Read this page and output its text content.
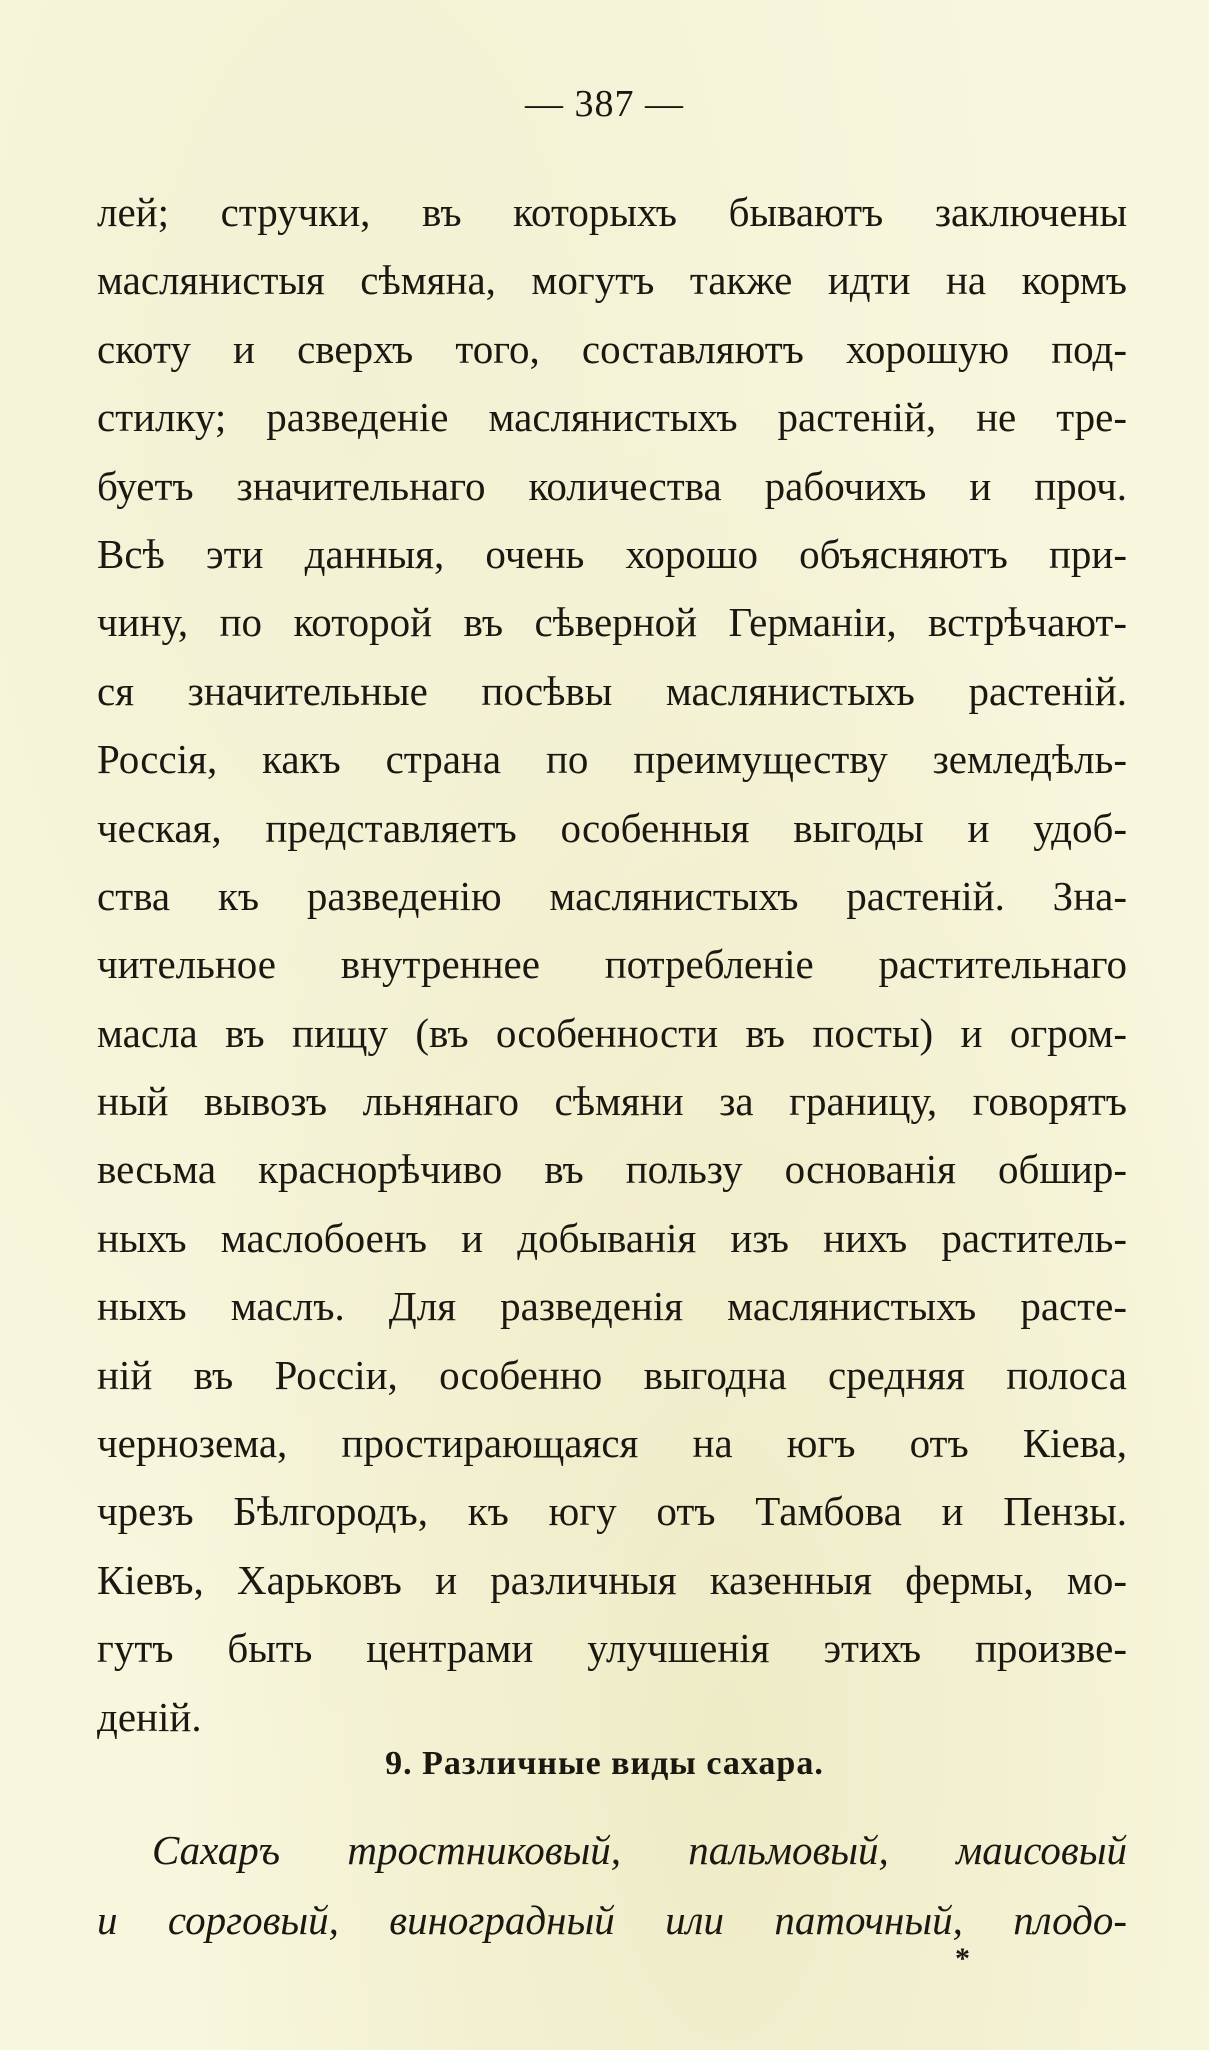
— 387 —
лей; стручки, въ которыхъ бываютъ заключены
маслянистыя сѣмяна, могутъ также идти на кормъ
скоту и сверхъ того, составляютъ хорошую под-
стилку; разведеніе маслянистыхъ растеній, не тре-
буетъ значительнаго количества рабочихъ и проч.
Всѣ эти данныя, очень хорошо объясняютъ при-
чину, по которой въ сѣверной Германіи, встрѣчают-
ся значительные посѣвы маслянистыхъ растеній.
Россія, какъ страна по преимуществу земледѣль-
ческая, представляетъ особенныя выгоды и удоб-
ства къ разведенію маслянистыхъ растеній. Зна-
чительное внутреннее потребленіе растительнаго
масла въ пищу (въ особенности въ посты) и огром-
ный вывозъ льнянаго сѣмяни за границу, говорятъ
весьма краснорѣчиво въ пользу основанія обшир-
ныхъ маслобоенъ и добыванія изъ нихъ раститель-
ныхъ маслъ. Для разведенія маслянистыхъ расте-
ній въ Россіи, особенно выгодна средняя полоса
чернозема, простирающаяся на югъ отъ Кіева,
чрезъ Бѣлгородъ, къ югу отъ Тамбова и Пензы.
Кіевъ, Харьковъ и различныя казенныя фермы, мо-
гутъ быть центрами улучшенія этихъ произве-
деній.
9. Различные виды сахара.
Сахаръ тростниковый, пальмовый, маисовый
и сорговый, виноградный или паточный, плодо-
*
